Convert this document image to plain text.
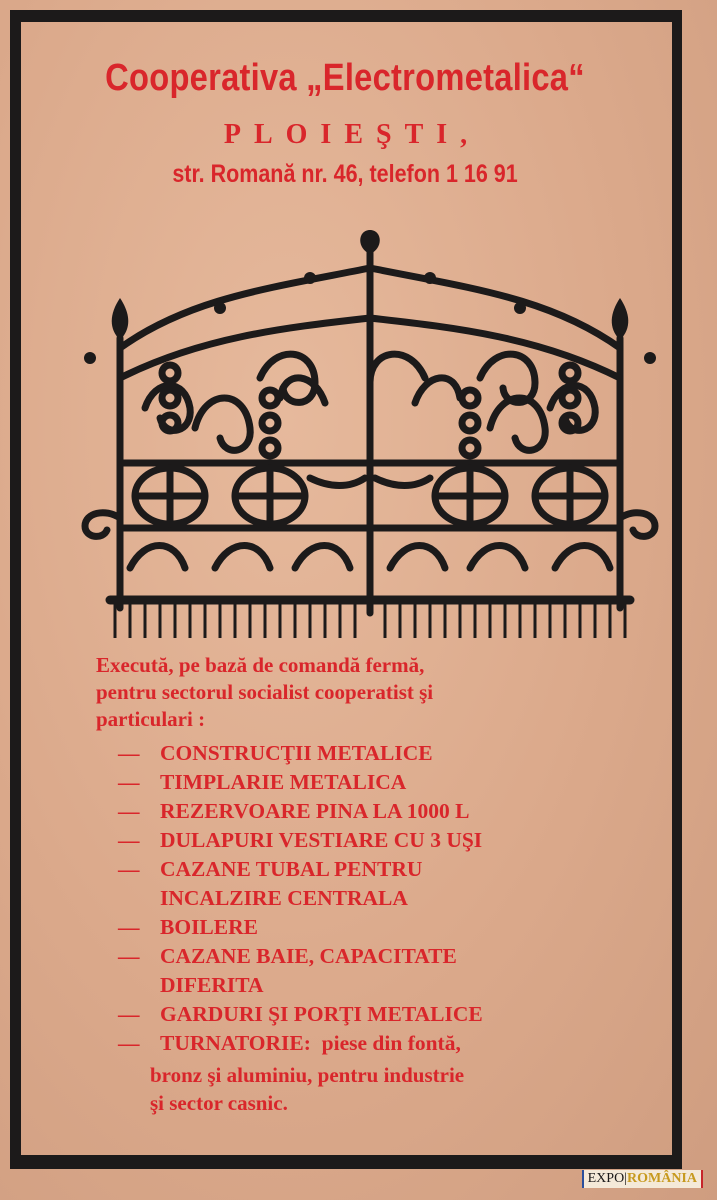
Cooperativa „Electrometalica“
PLOIEŞTI,
str. Romană nr. 46, telefon 1 16 91

Execută, pe bază de comandă fermă,
pentru sectorul socialist cooperatist şi
particulari :

— CONSTRUCŢII METALICE
— TIMPLARIE METALICA
— REZERVOARE PINA LA 1000 L
— DULAPURI VESTIARE CU 3 UŞI
— CAZANE TUBAL PENTRU
INCALZIRE CENTRALA
— BOILERE
— CAZANE BAIE, CAPACITATE
DIFERITA
— GARDURI ŞI PORŢI METALICE
— TURNATORIE: piese din fontă,

bronz şi aluminiu, pentru industrie
şi sector casnic.

EXPO|ROMÂNIA
